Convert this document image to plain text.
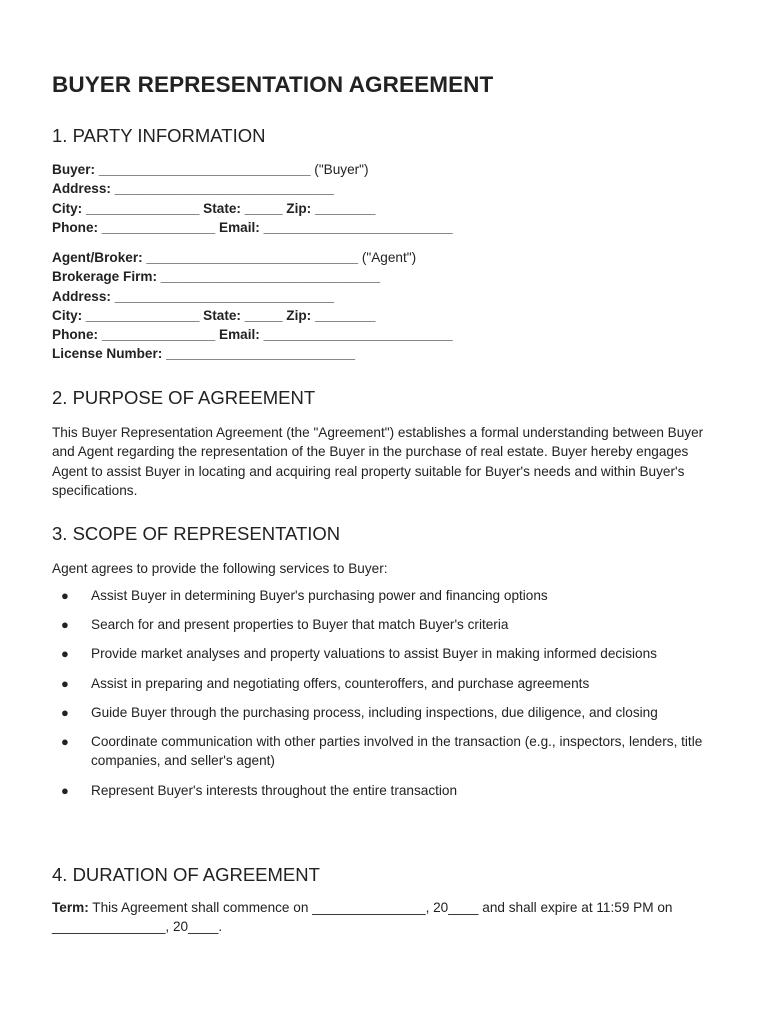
BUYER REPRESENTATION AGREEMENT
1. PARTY INFORMATION
Buyer: ____________________________ ("Buyer")
Address: _____________________________
City: _______________ State: _____ Zip: ________
Phone: _______________ Email: _________________________
Agent/Broker: ____________________________ ("Agent")
Brokerage Firm: _____________________________
Address: _____________________________
City: _______________ State: _____ Zip: ________
Phone: _______________ Email: _________________________
License Number: _________________________
2. PURPOSE OF AGREEMENT

This Buyer Representation Agreement (the "Agreement") establishes a formal understanding between Buyer and Agent regarding the representation of the Buyer in the purchase of real estate. Buyer hereby engages Agent to assist Buyer in locating and acquiring real property suitable for Buyer's needs and within Buyer's specifications.

3. SCOPE OF REPRESENTATION

Agent agrees to provide the following services to Buyer:

● Assist Buyer in determining Buyer's purchasing power and financing options
● Search for and present properties to Buyer that match Buyer's criteria
● Provide market analyses and property valuations to assist Buyer in making informed decisions
● Assist in preparing and negotiating offers, counteroffers, and purchase agreements
● Guide Buyer through the purchasing process, including inspections, due diligence, and closing
● Coordinate communication with other parties involved in the transaction (e.g., inspectors, lenders, title companies, and seller's agent)
● Represent Buyer's interests throughout the entire transaction
4. DURATION OF AGREEMENT

Term: This Agreement shall commence on _______________, 20____ and shall expire at 11:59 PM on _______________, 20____.
